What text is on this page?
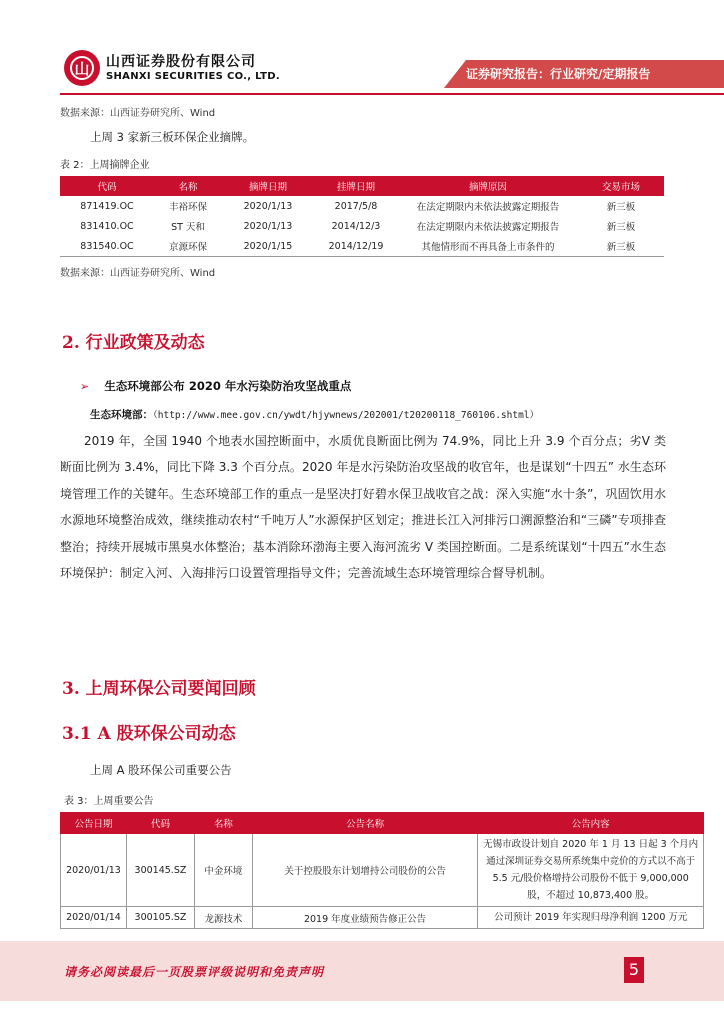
山 山西证券股份有限公司
SHANXI SECURITIES CO., LTD.	证券研究报告：行业研究/定期报告
数据来源：山西证券研究所、Wind
上周 3 家新三板环保企业摘牌。
表 2：上周摘牌企业
代码	名称	摘牌日期	挂牌日期	摘牌原因	交易市场
871419.OC	丰裕环保	2020/1/13	2017/5/8	在法定期限内未依法披露定期报告	新三板
831410.OC	ST 天和	2020/1/13	2014/12/3	在法定期限内未依法披露定期报告	新三板
831540.OC	京源环保	2020/1/15	2014/12/19	其他情形而不再具备上市条件的	新三板
数据来源：山西证券研究所、Wind
2. 行业政策及动态
➢ 生态环境部公布 2020 年水污染防治攻坚战重点
生态环境部：（http://www.mee.gov.cn/ywdt/hjywnews/202001/t20200118_760106.shtml）
2019 年，全国 1940 个地表水国控断面中，水质优良断面比例为 74.9%，同比上升 3.9 个百分点；劣V 类断面比例为 3.4%，同比下降 3.3 个百分点。2020 年是水污染防治攻坚战的收官年，也是谋划“十四五” 水生态环境管理工作的关键年。生态环境部工作的重点一是坚决打好碧水保卫战收官之战：深入实施“水十条”，巩固饮用水水源地环境整治成效，继续推动农村“千吨万人”水源保护区划定；推进长江入河排污口溯源整治和“三磷”专项排查整治；持续开展城市黑臭水体整治；基本消除环渤海主要入海河流劣 V 类国控断面。二是系统谋划“十四五”水生态环境保护：制定入河、入海排污口设置管理指导文件；完善流域生态环境管理综合督导机制。
3. 上周环保公司要闻回顾
3.1 A 股环保公司动态
上周 A 股环保公司重要公告
表 3：上周重要公告
公告日期	代码	名称	公告名称	公告内容
2020/01/13	300145.SZ	中金环境	关于控股股东计划增持公司股份的公告	无锡市政设计划自 2020 年 1 月 13 日起 3 个月内通过深圳证券交易所系统集中竞价的方式以不高于 5.5 元/股价格增持公司股份不低于 9,000,000 股，不超过 10,873,400 股。
2020/01/14	300105.SZ	龙源技术	2019 年度业绩预告修正公告	公司预计 2019 年实现归母净利润 1200 万元
请务必阅读最后一页股票评级说明和免责声明	5
